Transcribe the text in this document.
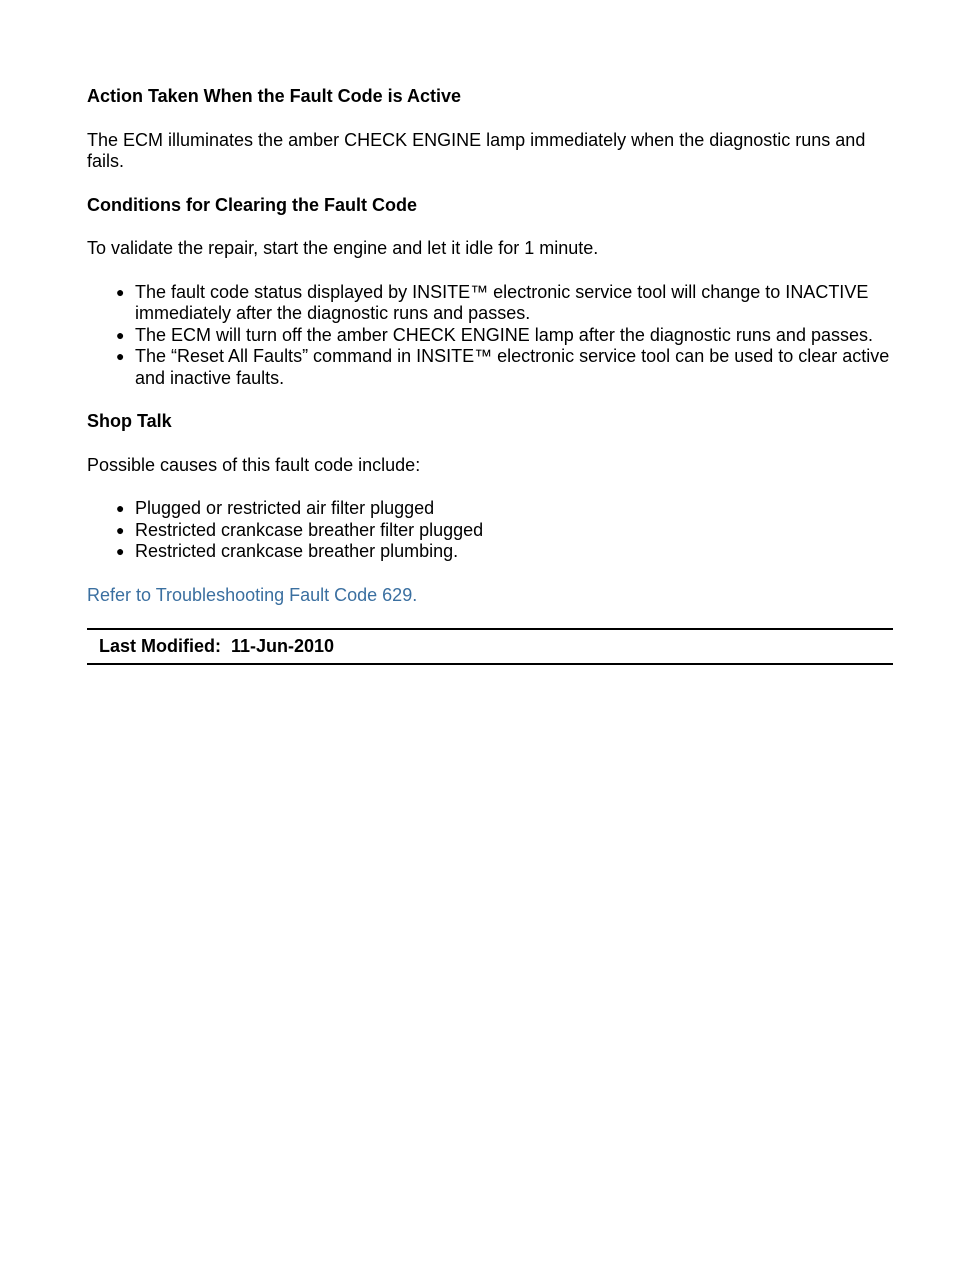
Action Taken When the Fault Code is Active

The ECM illuminates the amber CHECK ENGINE lamp immediately when the diagnostic runs and fails.

Conditions for Clearing the Fault Code

To validate the repair, start the engine and let it idle for 1 minute.

● The fault code status displayed by INSITE™ electronic service tool will change to INACTIVE immediately after the diagnostic runs and passes.
● The ECM will turn off the amber CHECK ENGINE lamp after the diagnostic runs and passes.
● The “Reset All Faults” command in INSITE™ electronic service tool can be used to clear active and inactive faults.

Shop Talk

Possible causes of this fault code include:

● Plugged or restricted air filter plugged
● Restricted crankcase breather filter plugged
● Restricted crankcase breather plumbing.

Refer to Troubleshooting Fault Code 629.

Last Modified: 11-Jun-2010
